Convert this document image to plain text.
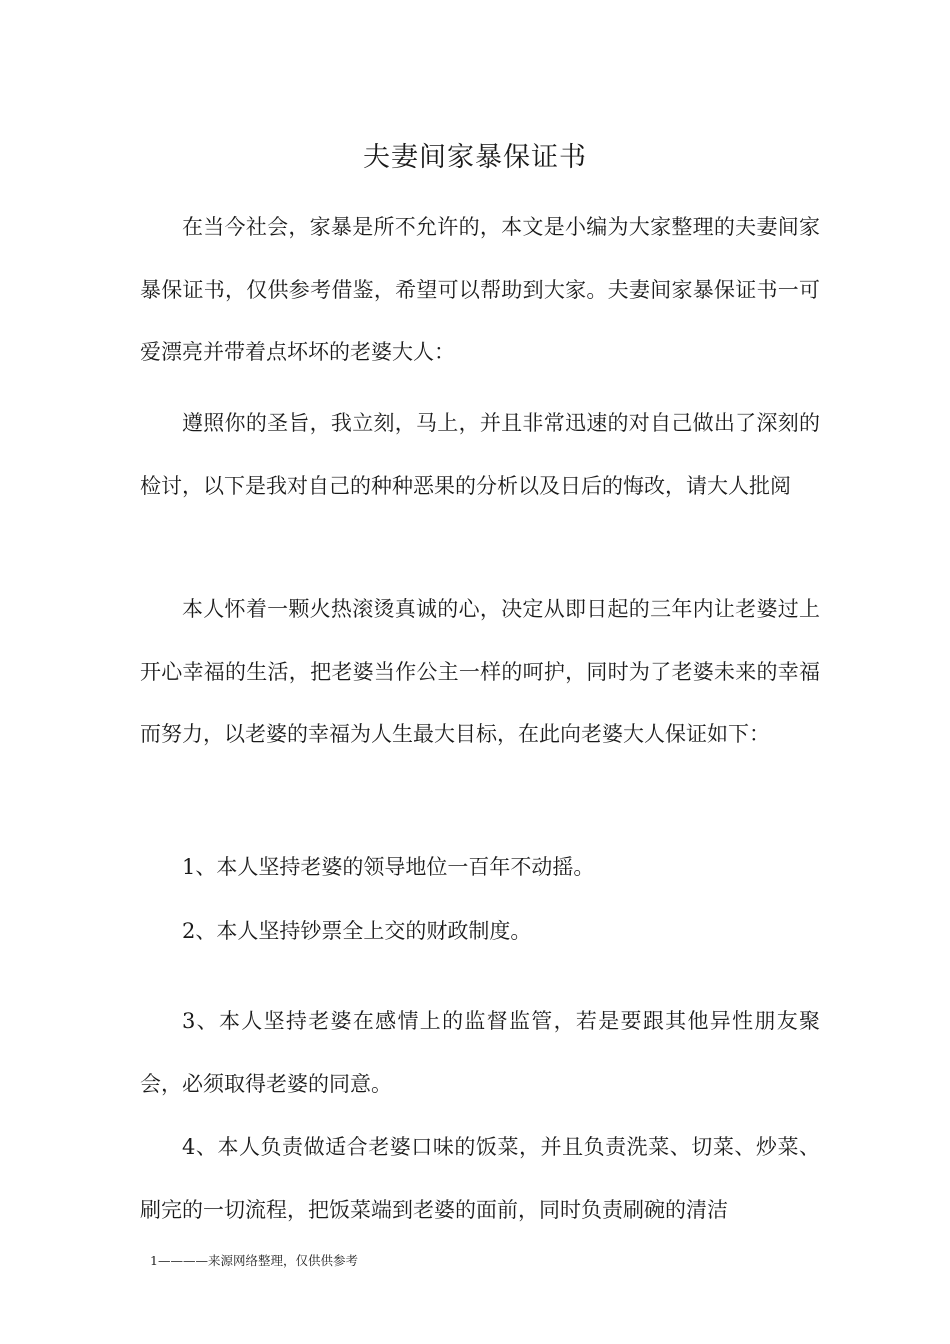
夫妻间家暴保证书

在当今社会，家暴是所不允许的，本文是小编为大家整理的夫妻间家暴保证书，仅供参考借鉴，希望可以帮助到大家。夫妻间家暴保证书一可爱漂亮并带着点坏坏的老婆大人：

遵照你的圣旨，我立刻，马上，并且非常迅速的对自己做出了深刻的检讨，以下是我对自己的种种恶果的分析以及日后的悔改，请大人批阅

本人怀着一颗火热滚烫真诚的心，决定从即日起的三年内让老婆过上开心幸福的生活，把老婆当作公主一样的呵护，同时为了老婆未来的幸福而努力，以老婆的幸福为人生最大目标，在此向老婆大人保证如下：

1、本人坚持老婆的领导地位一百年不动摇。

2、本人坚持钞票全上交的财政制度。

3、本人坚持老婆在感情上的监督监管，若是要跟其他异性朋友聚会，必须取得老婆的同意。

4、本人负责做适合老婆口味的饭菜，并且负责洗菜、切菜、炒菜、刷完的一切流程，把饭菜端到老婆的面前，同时负责刷碗的清洁

1————来源网络整理，仅供供参考
